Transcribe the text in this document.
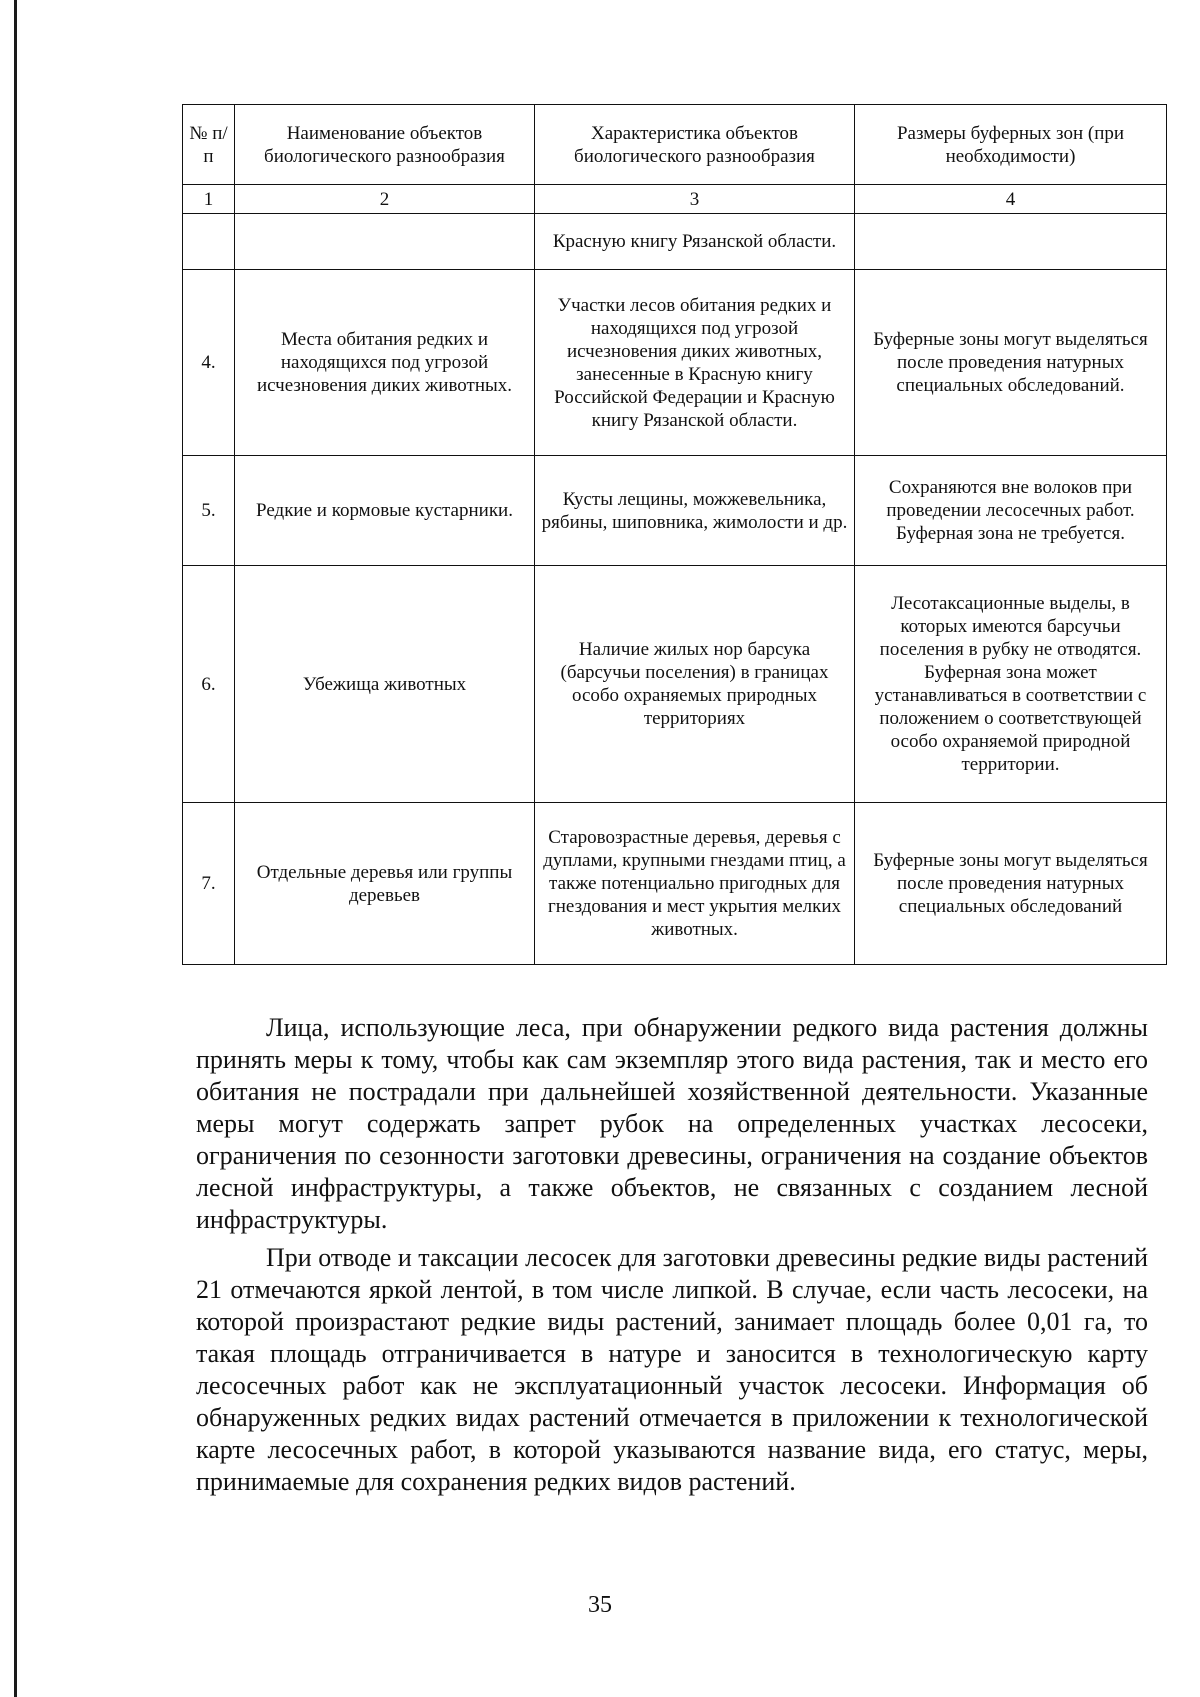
№ п/п	Наименование объектов биологического разнообразия	Характеристика объектов биологического разнообразия	Размеры буферных зон (при необходимости)
1	2	3	4
		Красную книгу Рязанской области.	
4.	Места обитания редких и находящихся под угрозой исчезновения диких животных.	Участки лесов обитания редких и находящихся под угрозой исчезновения диких животных, занесенные в Красную книгу Российской Федерации и Красную книгу Рязанской области.	Буферные зоны могут выделяться после проведения натурных специальных обследований.
5.	Редкие и кормовые кустарники.	Кусты лещины, можжевельника, рябины, шиповника, жимолости и др.	Сохраняются вне волоков при проведении лесосечных работ. Буферная зона не требуется.
6.	Убежища животных	Наличие жилых нор барсука (барсучьи поселения) в границах особо охраняемых природных территориях	Лесотаксационные выделы, в которых имеются барсучьи поселения в рубку не отводятся. Буферная зона может устанавливаться в соответствии с положением о соответствующей особо охраняемой природной территории.
7.	Отдельные деревья или группы деревьев	Старовозрастные деревья, деревья с дуплами, крупными гнездами птиц, а также потенциально пригодных для гнездования и мест укрытия мелких животных.	Буферные зоны могут выделяться после проведения натурных специальных обследований

Лица, использующие леса, при обнаружении редкого вида растения должны принять меры к тому, чтобы как сам экземпляр этого вида растения, так и место его обитания не пострадали при дальнейшей хозяйственной деятельности. Указанные меры могут содержать запрет рубок на определенных участках лесосеки, ограничения по сезонности заготовки древесины, ограничения на создание объектов лесной инфраструктуры, а также объектов, не связанных с созданием лесной инфраструктуры.

При отводе и таксации лесосек для заготовки древесины редкие виды растений 21 отмечаются яркой лентой, в том числе липкой. В случае, если часть лесосеки, на которой произрастают редкие виды растений, занимает площадь более 0,01 га, то такая площадь отграничивается в натуре и заносится в технологическую карту лесосечных работ как не эксплуатационный участок лесосеки. Информация об обнаруженных редких видах растений отмечается в приложении к технологической карте лесосечных работ, в которой указываются название вида, его статус, меры, принимаемые для сохранения редких видов растений.

35
